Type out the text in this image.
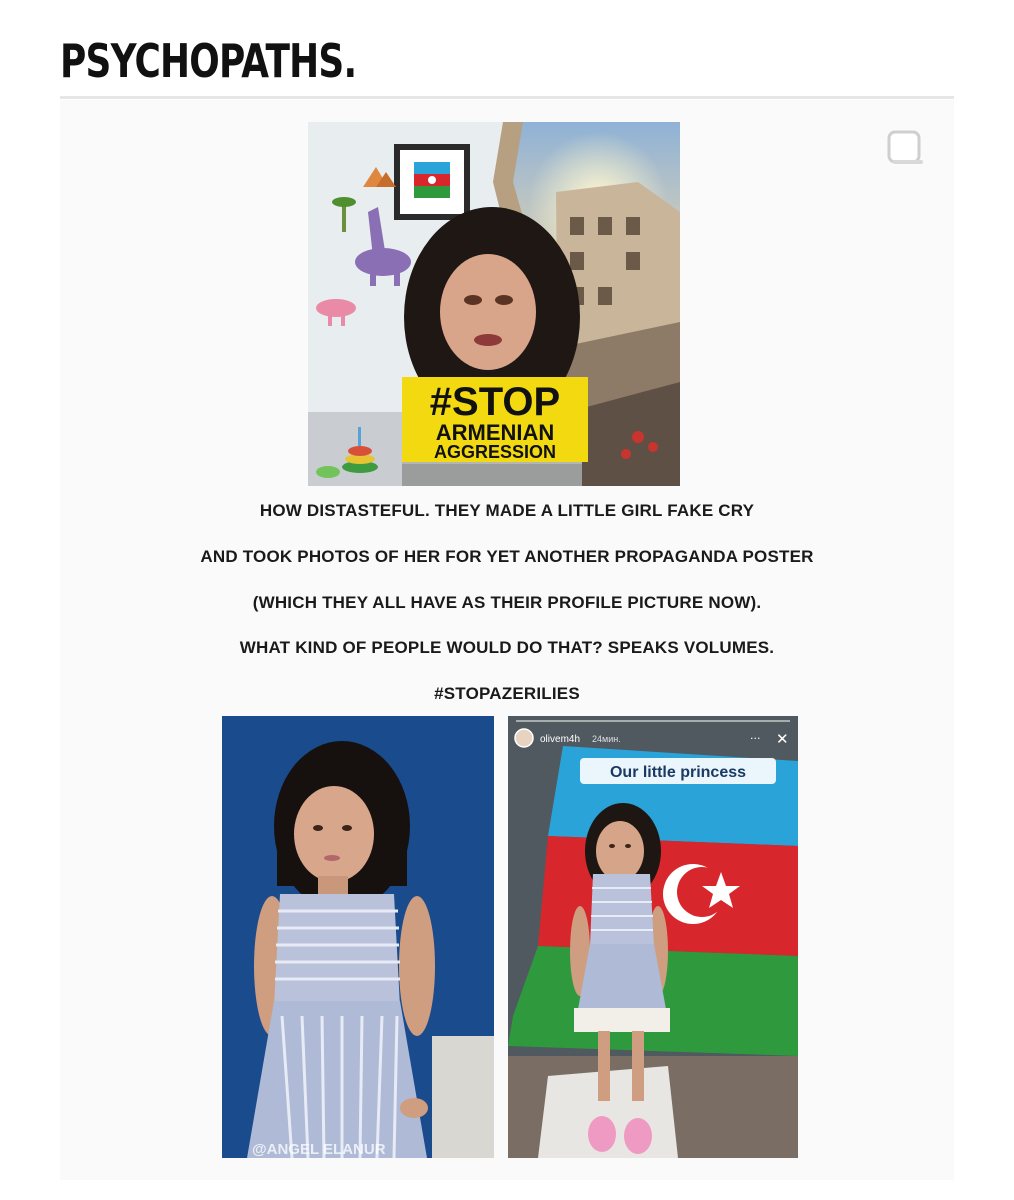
PSYCHOPATHS.
#STOP
ARMENIAN
AGGRESSION
HOW DISTASTEFUL. THEY MADE A LITTLE GIRL FAKE CRY
AND TOOK PHOTOS OF HER FOR YET ANOTHER PROPAGANDA POSTER
(WHICH THEY ALL HAVE AS THEIR PROFILE PICTURE NOW).
WHAT KIND OF PEOPLE WOULD DO THAT? SPEAKS VOLUMES.
#STOPAZERILIES
@ANGEL ELANUR
olivem4h 24мин.	··· ✕
Our little princess
